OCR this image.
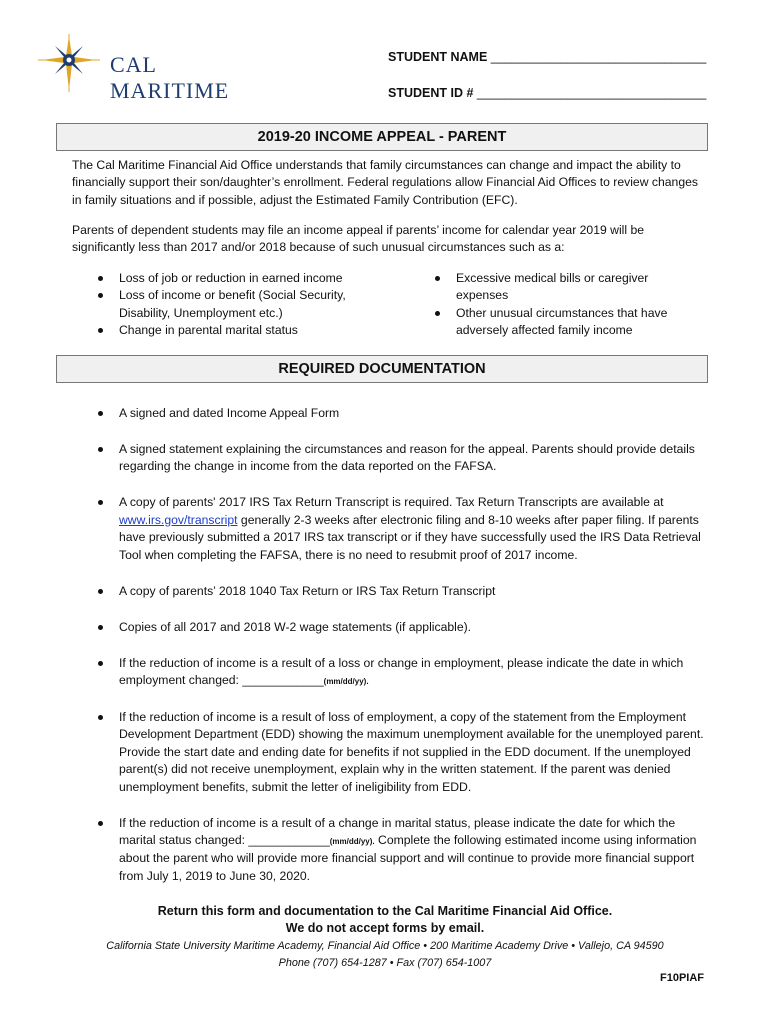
CAL MARITIME
STUDENT NAME _______________________________
STUDENT ID # _________________________________
2019-20 INCOME APPEAL - PARENT
The Cal Maritime Financial Aid Office understands that family circumstances can change and impact the ability to financially support their son/daughter’s enrollment. Federal regulations allow Financial Aid Offices to review changes in family situations and if possible, adjust the Estimated Family Contribution (EFC).
Parents of dependent students may file an income appeal if parents’ income for calendar year 2019 will be significantly less than 2017 and/or 2018 because of such unusual circumstances such as a:
Loss of job or reduction in earned income
Loss of income or benefit (Social Security, Disability, Unemployment etc.)
Change in parental marital status
Excessive medical bills or caregiver expenses
Other unusual circumstances that have adversely affected family income
REQUIRED DOCUMENTATION
A signed and dated Income Appeal Form
A signed statement explaining the circumstances and reason for the appeal. Parents should provide details regarding the change in income from the data reported on the FAFSA.
A copy of parents' 2017 IRS Tax Return Transcript is required. Tax Return Transcripts are available at www.irs.gov/transcript generally 2-3 weeks after electronic filing and 8-10 weeks after paper filing. If parents have previously submitted a 2017 IRS tax transcript or if they have successfully used the IRS Data Retrieval Tool when completing the FAFSA, there is no need to resubmit proof of 2017 income.
A copy of parents’ 2018 1040 Tax Return or IRS Tax Return Transcript
Copies of all 2017 and 2018 W-2 wage statements (if applicable).
If the reduction of income is a result of a loss or change in employment, please indicate the date in which employment changed: ____________(mm/dd/yy).
If the reduction of income is a result of loss of employment, a copy of the statement from the Employment Development Department (EDD) showing the maximum unemployment available for the unemployed parent. Provide the start date and ending date for benefits if not supplied in the EDD document. If the unemployed parent(s) did not receive unemployment, explain why in the written statement. If the parent was denied unemployment benefits, submit the letter of ineligibility from EDD.
If the reduction of income is a result of a change in marital status, please indicate the date for which the marital status changed: ____________(mm/dd/yy). Complete the following estimated income using information about the parent who will provide more financial support and will continue to provide more financial support from July 1, 2019 to June 30, 2020.
Return this form and documentation to the Cal Maritime Financial Aid Office.
We do not accept forms by email.
California State University Maritime Academy, Financial Aid Office • 200 Maritime Academy Drive • Vallejo, CA 94590
Phone (707) 654-1287 • Fax (707) 654-1007
F10PIAF
